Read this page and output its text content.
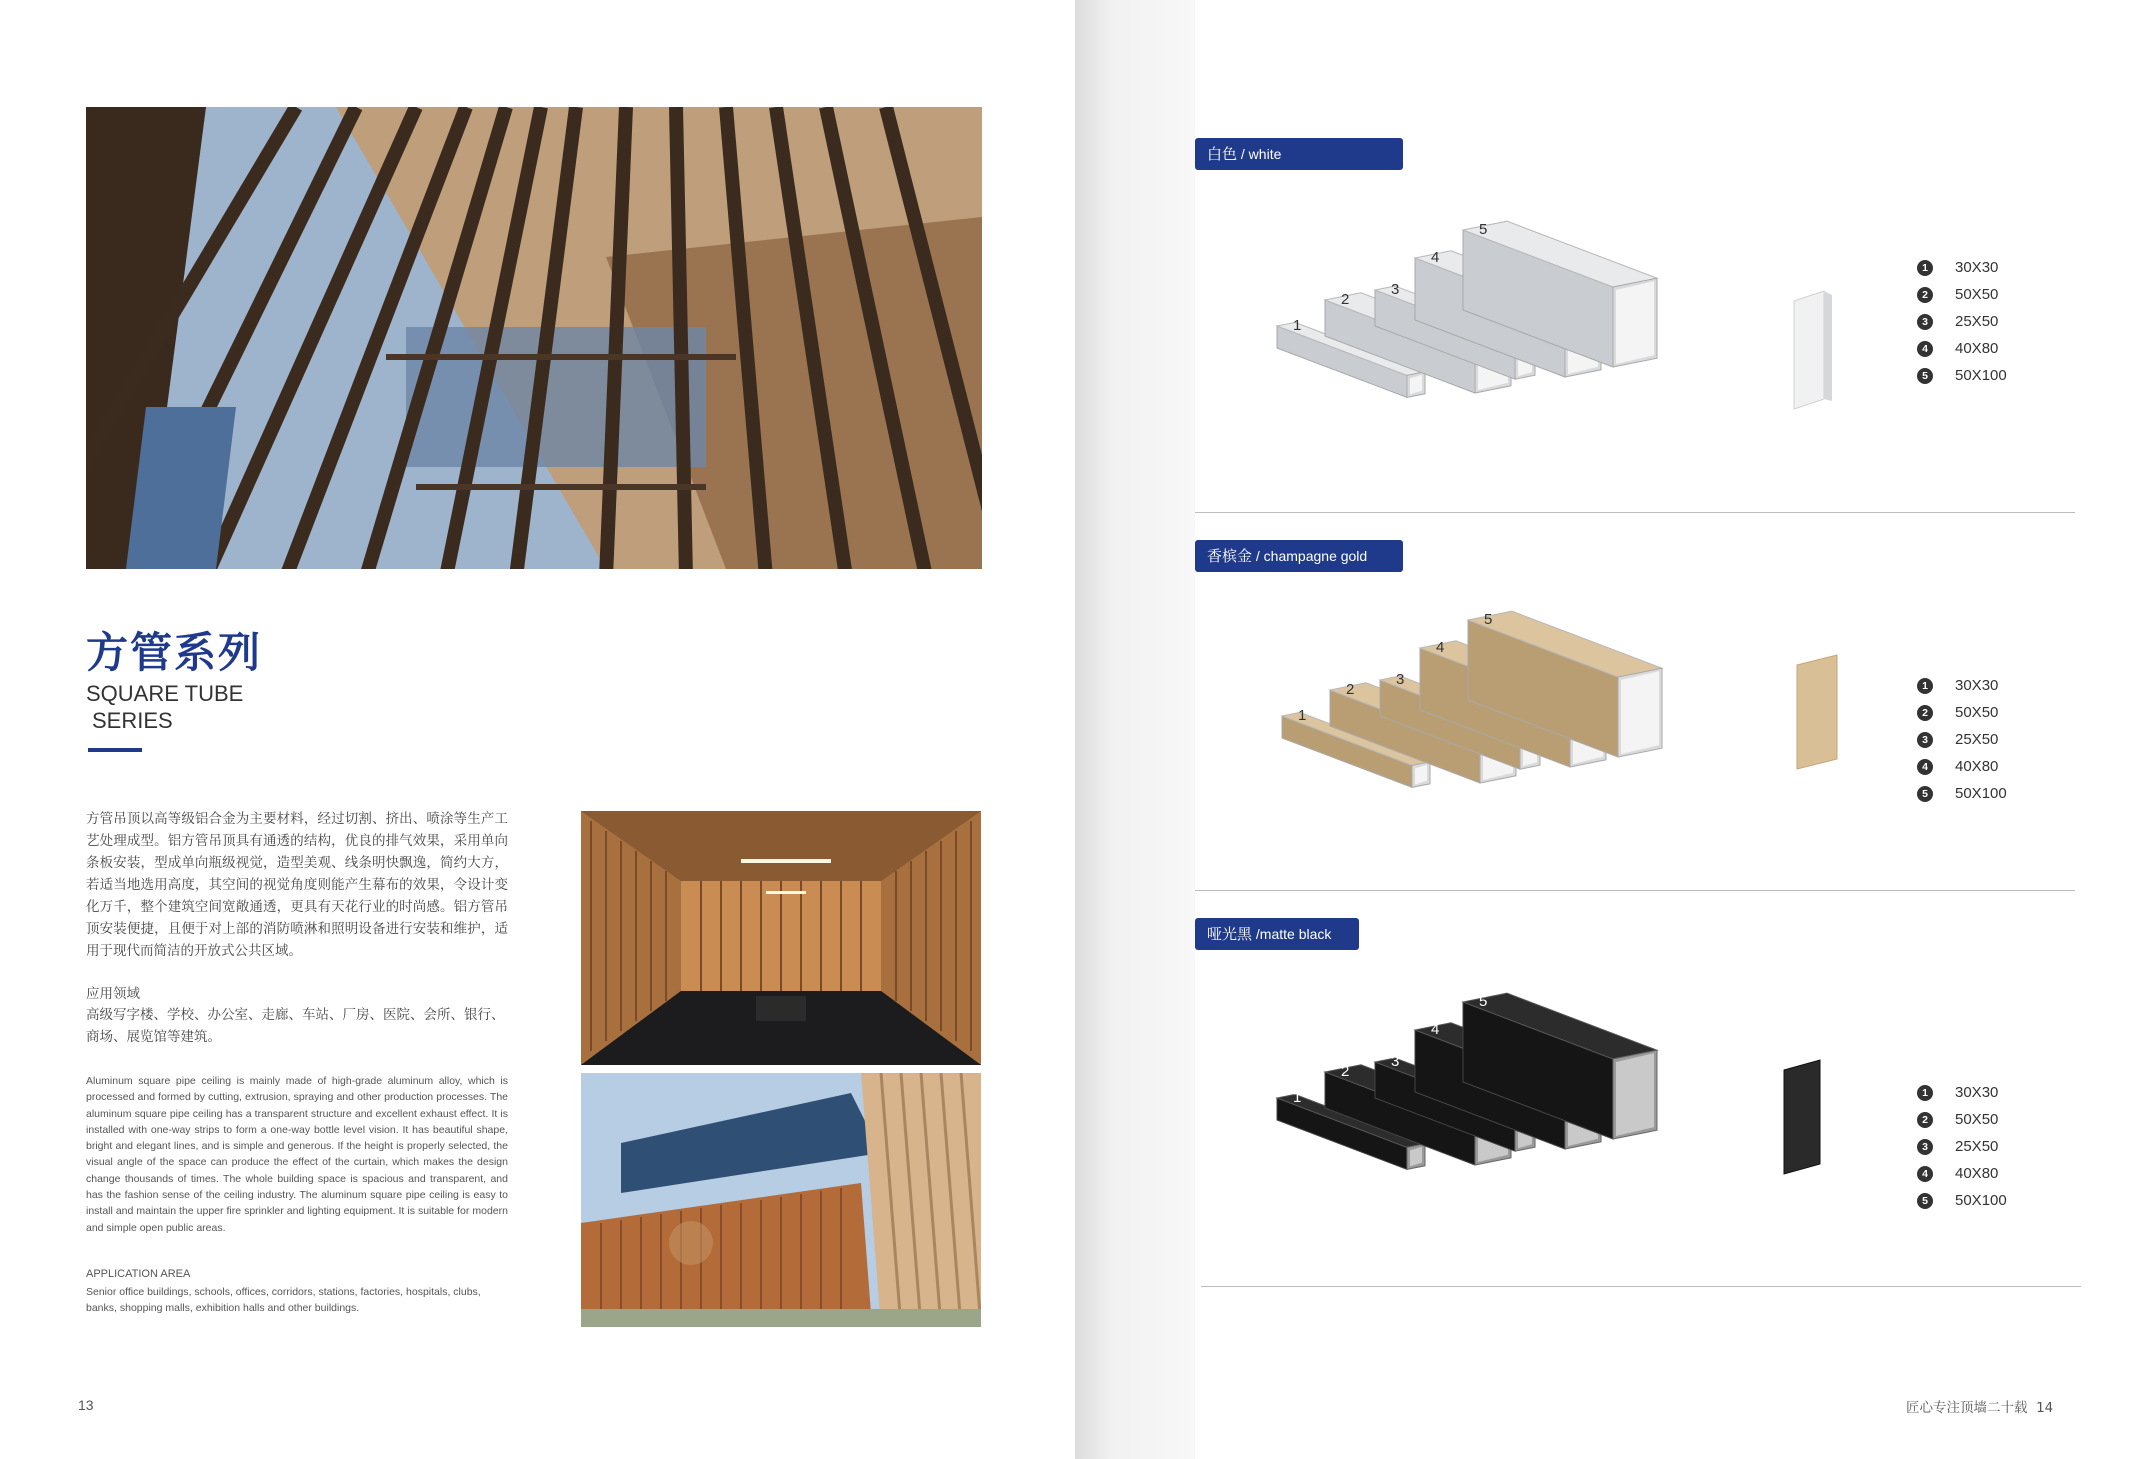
方管系列
SQUARE TUBE
SERIES
方管吊顶以高等级铝合金为主要材料，经过切割、挤出、喷涂等生产工艺处理成型。铝方管吊顶具有通透的结构，优良的排气效果，采用单向条板安装，型成单向瓶级视觉，造型美观、线条明快飘逸，简约大方，若适当地选用高度，其空间的视觉角度则能产生幕布的效果，令设计变化万千，整个建筑空间宽敞通透，更具有天花行业的时尚感。铝方管吊顶安装便捷，且便于对上部的消防喷淋和照明设备进行安装和维护，适用于现代而简洁的开放式公共区域。
应用领域
高级写字楼、学校、办公室、走廊、车站、厂房、医院、会所、银行、商场、展览馆等建筑。
Aluminum square pipe ceiling is mainly made of high-grade aluminum alloy, which is processed and formed by cutting, extrusion, spraying and other production processes. The aluminum square pipe ceiling has a transparent structure and excellent exhaust effect. It is installed with one-way strips to form a one-way bottle level vision. It has beautiful shape, bright and elegant lines, and is simple and generous. If the height is properly selected, the visual angle of the space can produce the effect of the curtain, which makes the design change thousands of times. The whole building space is spacious and transparent, and has the fashion sense of the ceiling industry. The aluminum square pipe ceiling is easy to install and maintain the upper fire sprinkler and lighting equipment. It is suitable for modern and simple open public areas.
APPLICATION AREA
Senior office buildings, schools, offices, corridors, stations, factories, hospitals, clubs, banks, shopping malls, exhibition halls and other buildings.
13
白色 / white
1
2
3
4
5
1	30X30
2	50X50
3	25X50
4	40X80
5	50X100
香槟金 / champagne gold
1
2
3
4
5
1	30X30
2	50X50
3	25X50
4	40X80
5	50X100
哑光黑 /matte black
1
2
3
4
5
1	30X30
2	50X50
3	25X50
4	40X80
5	50X100
匠心专注顶墙二十载 14
